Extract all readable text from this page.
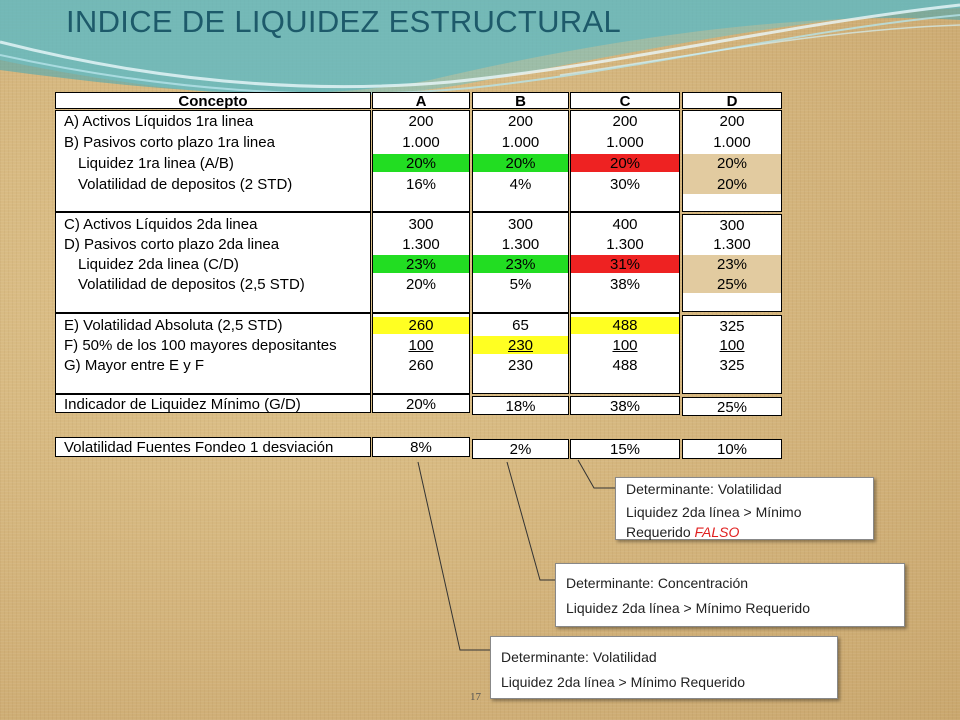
INDICE DE LIQUIDEZ ESTRUCTURAL
Concepto
A) Activos Líquidos 1ra linea
B) Pasivos corto plazo 1ra linea
Liquidez 1ra linea (A/B)
Volatilidad de depositos (2 STD)
C) Activos Líquidos 2da linea
D) Pasivos corto plazo 2da linea
Liquidez 2da linea (C/D)
Volatilidad de depositos (2,5 STD)
E) Volatilidad Absoluta (2,5 STD)
F) 50% de los 100 mayores depositantes
G) Mayor entre E y F
Indicador de Liquidez Mínimo (G/D)
Volatilidad Fuentes Fondeo 1 desviación
A
200
1.000
20%
16%
300
1.300
23%
20%
260
100
260
20%
8%
B
200
1.000
20%
4%
300
1.300
23%
5%
65
230
230
18%
2%
C
200
1.000
20%
30%
400
1.300
31%
38%
488
100
488
38%
15%
D
200
1.000
20%
20%
300
1.300
23%
25%
325
100
325
25%
10%
Determinante: Volatilidad
Liquidez 2da línea > Mínimo
Requerido FALSO
Determinante: Concentración
Liquidez 2da línea > Mínimo Requerido
Determinante: Volatilidad
Liquidez 2da línea > Mínimo Requerido
17
